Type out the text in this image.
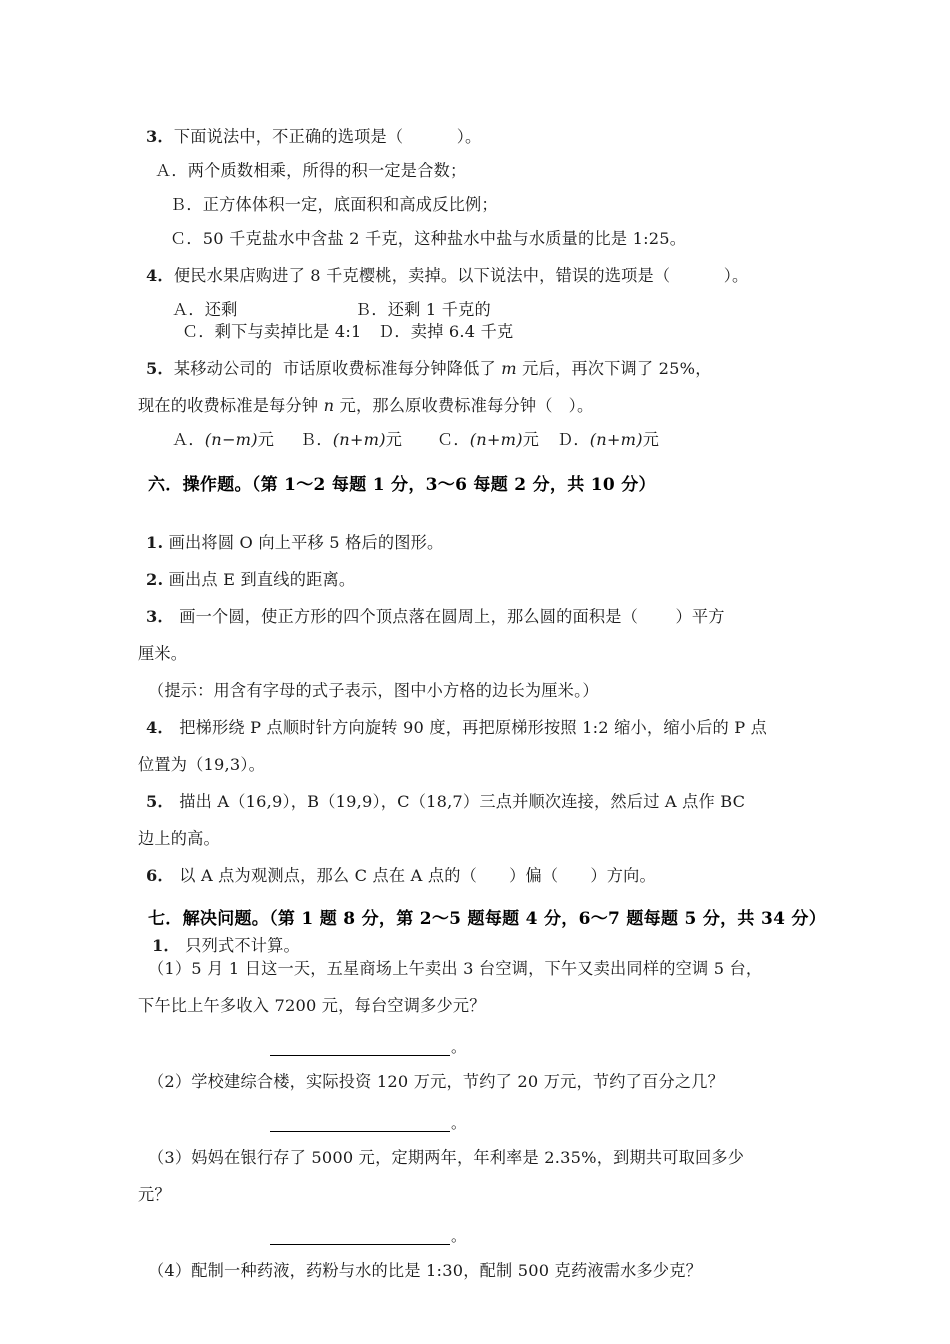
3．下面说法中，不正确的选项是（          ）。
Ａ．两个质数相乘，所得的积一定是合数；
Ｂ．正方体体积一定，底面积和高成反比例；
Ｃ．50 千克盐水中含盐 2 千克，这种盐水中盐与水质量的比是 1:25。
4．便民水果店购进了 8 千克樱桃，卖掉。以下说法中，错误的选项是（          ）。
Ａ．还剩	Ｂ．还剩 1 千克的
Ｃ．剩下与卖掉比是 4:1 Ｄ．卖掉 6.4 千克
5．某移动公司的  市话原收费标准每分钟降低了 m 元后，再次下调了 25%，
现在的收费标准是每分钟 n 元，那么原收费标准每分钟（   ）。
Ａ．(n−m)元 Ｂ．(n+m)元 Ｃ．(n+m)元 Ｄ．(n+m)元
六．操作题。（第 1～2 每题 1 分，3～6 每题 2 分，共 10 分）
1. 画出将圆 O 向上平移 5 格后的图形。
2. 画出点 E 到直线的距离。
3． 画一个圆，使正方形的四个顶点落在圆周上，那么圆的面积是（       ）平方
厘米。
（提示：用含有字母的式子表示，图中小方格的边长为厘米。）
4． 把梯形绕 P 点顺时针方向旋转 90 度，再把原梯形按照 1:2 缩小，缩小后的 P 点
位置为（19,3）。
5． 描出 A（16,9），B（19,9），C（18,7）三点并顺次连接，然后过 A 点作 BC
边上的高。
6． 以 A 点为观测点，那么 C 点在 A 点的（      ）偏（      ）方向。
七．解决问题。（第 1 题 8 分，第 2～5 题每题 4 分，6～7 题每题 5 分，共 34 分）
1． 只列式不计算。
（1）5 月 1 日这一天，五星商场上午卖出 3 台空调，下午又卖出同样的空调 5 台，
下午比上午多收入 7200 元，每台空调多少元？
。
（2）学校建综合楼，实际投资 120 万元，节约了 20 万元，节约了百分之几？
。
（3）妈妈在银行存了 5000 元，定期两年，年利率是 2.35%，到期共可取回多少
元？
。
（4）配制一种药液，药粉与水的比是 1:30，配制 500 克药液需水多少克？
